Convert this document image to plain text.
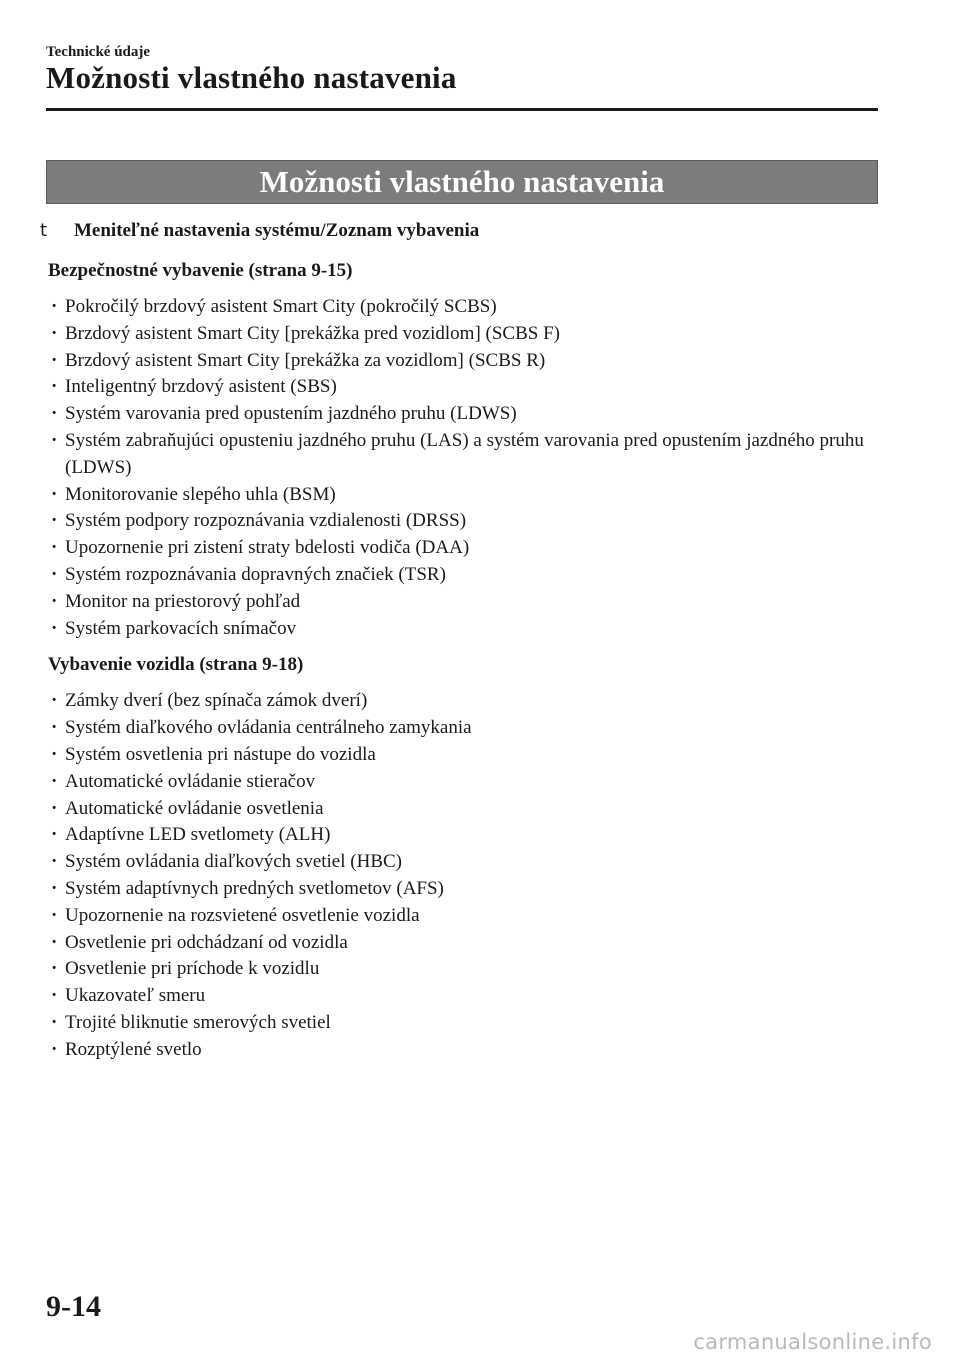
Technické údaje
Možnosti vlastného nastavenia
Možnosti vlastného nastavenia
t Meniteľné nastavenia systému/Zoznam vybavenia
Bezpečnostné vybavenie (strana 9-15)
· Pokročilý brzdový asistent Smart City (pokročilý SCBS)
· Brzdový asistent Smart City [prekážka pred vozidlom] (SCBS F)
· Brzdový asistent Smart City [prekážka za vozidlom] (SCBS R)
· Inteligentný brzdový asistent (SBS)
· Systém varovania pred opustením jazdného pruhu (LDWS)
· Systém zabraňujúci opusteniu jazdného pruhu (LAS) a systém varovania pred opustením jazdného pruhu (LDWS)
· Monitorovanie slepého uhla (BSM)
· Systém podpory rozpoznávania vzdialenosti (DRSS)
· Upozornenie pri zistení straty bdelosti vodiča (DAA)
· Systém rozpoznávania dopravných značiek (TSR)
· Monitor na priestorový pohľad
· Systém parkovacích snímačov
Vybavenie vozidla (strana 9-18)
· Zámky dverí (bez spínača zámok dverí)
· Systém diaľkového ovládania centrálneho zamykania
· Systém osvetlenia pri nástupe do vozidla
· Automatické ovládanie stieračov
· Automatické ovládanie osvetlenia
· Adaptívne LED svetlomety (ALH)
· Systém ovládania diaľkových svetiel (HBC)
· Systém adaptívnych predných svetlometov (AFS)
· Upozornenie na rozsvietené osvetlenie vozidla
· Osvetlenie pri odchádzaní od vozidla
· Osvetlenie pri príchode k vozidlu
· Ukazovateľ smeru
· Trojité bliknutie smerových svetiel
· Rozptýlené svetlo
9-14
carmanualsonline.info
